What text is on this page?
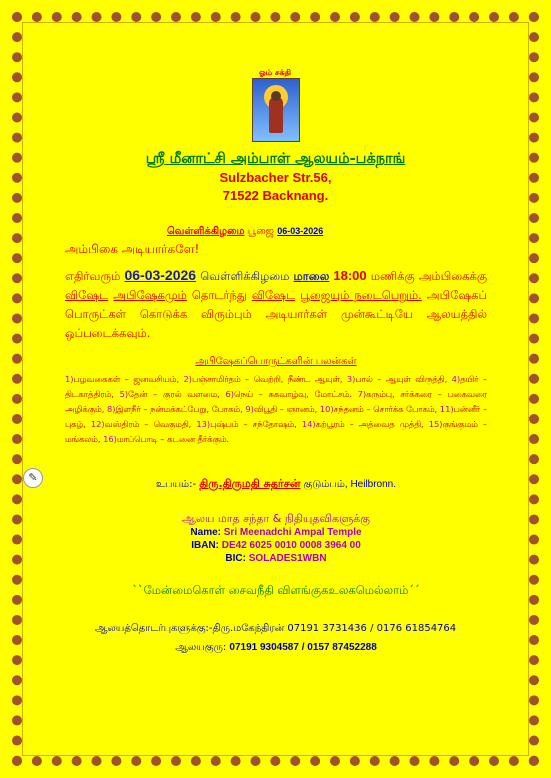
ஓம் சக்தி
ஸ்ரீ மீனாட்சி அம்பாள் ஆலயம்-பக்நாங்
Sulzbacher Str.56,
71522 Backnang.
வெள்ளிக்கிழமை பூஜை 06-03-2026
அம்பிகை அடியார்களே!
எதிர்வரும் 06-03-2026 வெள்ளிக்கிழமை மாலை 18:00 மணிக்கு அம்பிகைக்கு விஷேட அபிஷேகமும் தொடர்ந்து விஷேட பூஜையும் நடைபெறும். அபிஷேகப் பொருட்கள் கொடுக்க விரும்பும் அடியார்கள் முன்கூட்டியே ஆலயத்தில் ஒப்படைக்கவும்.
அபிஷேகப்பொருட்களின் பலன்கள்
1)பழவகைகள் – ஜனவசியம், 2)பஞ்சாமிர்தம் – வெற்றி, நீண்ட ஆயுள், 3)பால் – ஆயுள் விருத்தி, 4)தயிர் – திடகாத்திரம், 5)தேன் – குரல் வளமை, 6)நெய் – சுகவாழ்வு, மோட்சம். 7)கரும்பு, சர்க்கரை – பகைவரை அழிக்கும், 8)இளநீர் – நன்மக்கட்பேறு, போகம், 9)விபூதி – ஞானம், 10)சந்தனம் – சொர்க்க போகம், 11)பன்னீர் – புகழ், 12)வஸ்திரம் – வெகுமதி, 13)புஷ்பம் – சந்தோஷம், 14)கற்பூரம் – அத்வைத முத்தி, 15)குங்குமம் – மங்கலம், 16)மாப்பொடி – கடனை தீர்க்கும்.
✎
உபயம்:- திரு.திருமதி சுதர்சன் குடும்பம், Heilbronn.
ஆலய மாத சந்தா & நிதியுதவிகளுக்கு
Name: Sri Meenadchi Ampal Temple
IBAN: DE42 6025 0010 0008 3964 00
BIC: SOLADES1WBN
``மேன்மைகொள் சைவநீதி விளங்குகஉலகமெல்லாம்´´
ஆலயத்தொடர்புகளுக்கு:-திரு.மகேந்திரன் 07191 3731436 / 0176 61854764
ஆலயகுரு: 07191 9304587 / 0157 87452288
